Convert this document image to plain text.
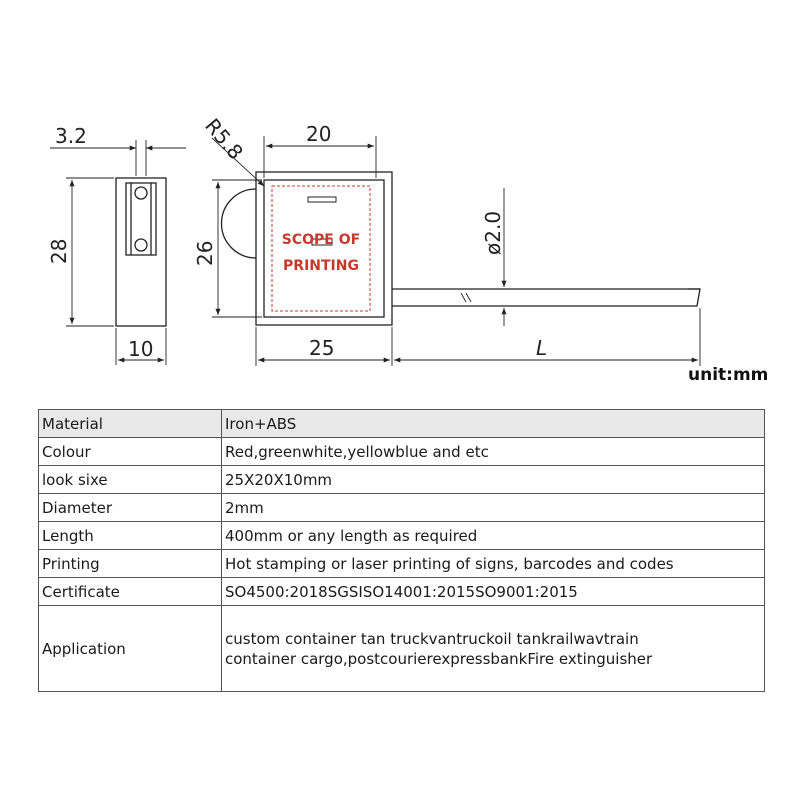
3.2
28
10
SCOPE OF
PRINTING
20
R5.8
26
25	L
ø2.0
unit:mm
Material	Iron+ABS
Colour	Red,greenwhite,yellowblue and etc
look sixe	25X20X10mm
Diameter	2mm
Length	400mm or any length as required
Printing	Hot stamping or laser printing of signs, barcodes and codes
Certificate	SO4500:2018SGSISO14001:2015SO9001:2015
Application	custom container tan truckvantruckoil tankrailwavtrain
container cargo,postcourierexpressbankFire extinguisher
